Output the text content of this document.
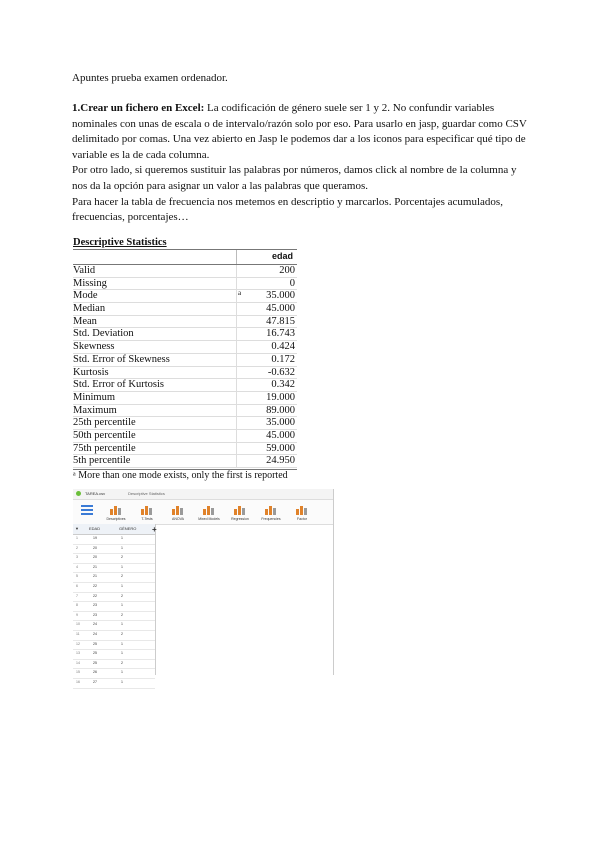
Apuntes prueba examen ordenador.

1.Crear un fichero en Excel: La codificación de género suele ser 1 y 2. No confundir variables nominales con unas de escala o de intervalo/razón solo por eso. Para usarlo en jasp, guardar como CSV delimitado por comas. Una vez abierto en Jasp le podemos dar a los iconos para especificar qué tipo de variable es la de cada columna.

Por otro lado, si queremos sustituir las palabras por números, damos click al nombre de la columna y nos da la opción para asignar un valor a las palabras que queramos.

Para hacer la tabla de frecuencia nos metemos en descriptio y marcarlos. Porcentajes acumulados, frecuencias, porcentajes…

Descriptive Statistics
edad
Valid	200
Missing	0
Mode	a 35.000
Median	45.000
Mean	47.815
Std. Deviation	16.743
Skewness	0.424
Std. Error of Skewness	0.172
Kurtosis	-0.632
Std. Error of Kurtosis	0.342
Minimum	19.000
Maximum	89.000
25th percentile	35.000
50th percentile	45.000
75th percentile	59.000
5th percentile	24.950
ᵃ More than one mode exists, only the first is reported
TAREA.csv	Descriptive Statistics
Descriptives	T-Tests	ANOVA	Mixed Models	Regression	Frequencies	Factor
▼	EDAD	GÉNERO
1	19	1
2	20	1
3	20	2
4	21	1
5	21	2
6	22	1
7	22	2
8	23	1
9	23	2
10	24	1
11	24	2
12	25	1
13	25	1
14	25	2
15	26	1
16	27	1
+
